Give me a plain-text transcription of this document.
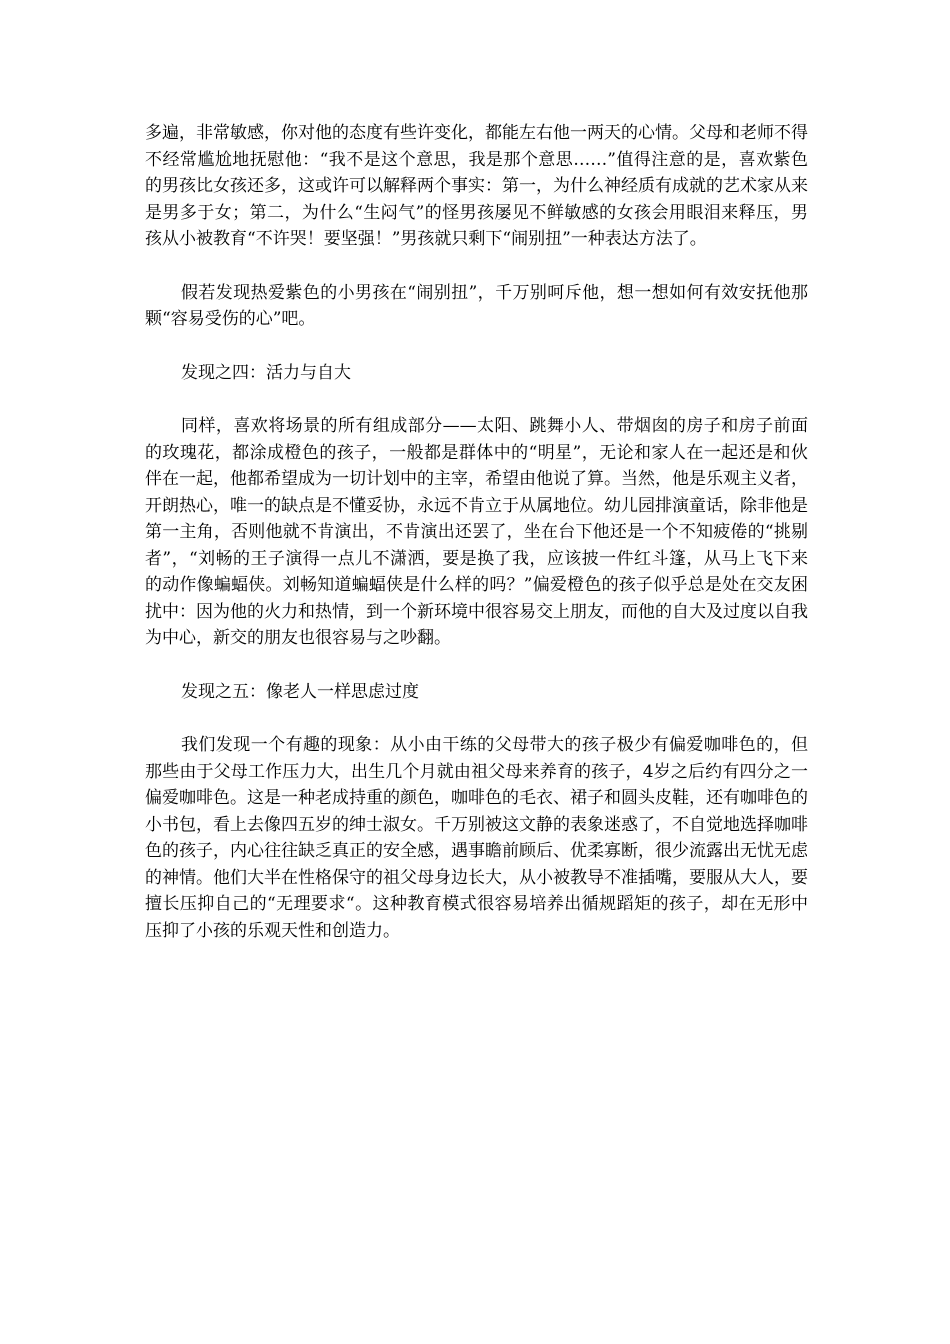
多遍，非常敏感，你对他的态度有些许变化，都能左右他一两天的心情。父母和老师不得不经常尴尬地抚慰他：“我不是这个意思，我是那个意思……”值得注意的是，喜欢紫色的男孩比女孩还多，这或许可以解释两个事实：第一，为什么神经质有成就的艺术家从来是男多于女；第二，为什么“生闷气”的怪男孩屡见不鲜敏感的女孩会用眼泪来释压，男孩从小被教育“不许哭！要坚强！”男孩就只剩下“闹别扭”一种表达方法了。

假若发现热爱紫色的小男孩在“闹别扭”，千万别呵斥他，想一想如何有效安抚他那颗“容易受伤的心”吧。

发现之四：活力与自大

同样，喜欢将场景的所有组成部分——太阳、跳舞小人、带烟囱的房子和房子前面的玫瑰花，都涂成橙色的孩子，一般都是群体中的“明星”，无论和家人在一起还是和伙伴在一起，他都希望成为一切计划中的主宰，希望由他说了算。当然，他是乐观主义者，开朗热心，唯一的缺点是不懂妥协，永远不肯立于从属地位。幼儿园排演童话，除非他是第一主角，否则他就不肯演出，不肯演出还罢了，坐在台下他还是一个不知疲倦的“挑剔者”，“刘畅的王子演得一点儿不潇洒，要是换了我，应该披一件红斗篷，从马上飞下来的动作像蝙蝠侠。刘畅知道蝙蝠侠是什么样的吗？”偏爱橙色的孩子似乎总是处在交友困扰中：因为他的火力和热情，到一个新环境中很容易交上朋友，而他的自大及过度以自我为中心，新交的朋友也很容易与之吵翻。

发现之五：像老人一样思虑过度

我们发现一个有趣的现象：从小由干练的父母带大的孩子极少有偏爱咖啡色的，但那些由于父母工作压力大，出生几个月就由祖父母来养育的孩子，4岁之后约有四分之一偏爱咖啡色。这是一种老成持重的颜色，咖啡色的毛衣、裙子和圆头皮鞋，还有咖啡色的小书包，看上去像四五岁的绅士淑女。千万别被这文静的表象迷惑了，不自觉地选择咖啡色的孩子，内心往往缺乏真正的安全感，遇事瞻前顾后、优柔寡断，很少流露出无忧无虑的神情。他们大半在性格保守的祖父母身边长大，从小被教导不准插嘴，要服从大人，要擅长压抑自己的“无理要求“。这种教育模式很容易培养出循规蹈矩的孩子，却在无形中压抑了小孩的乐观天性和创造力。
